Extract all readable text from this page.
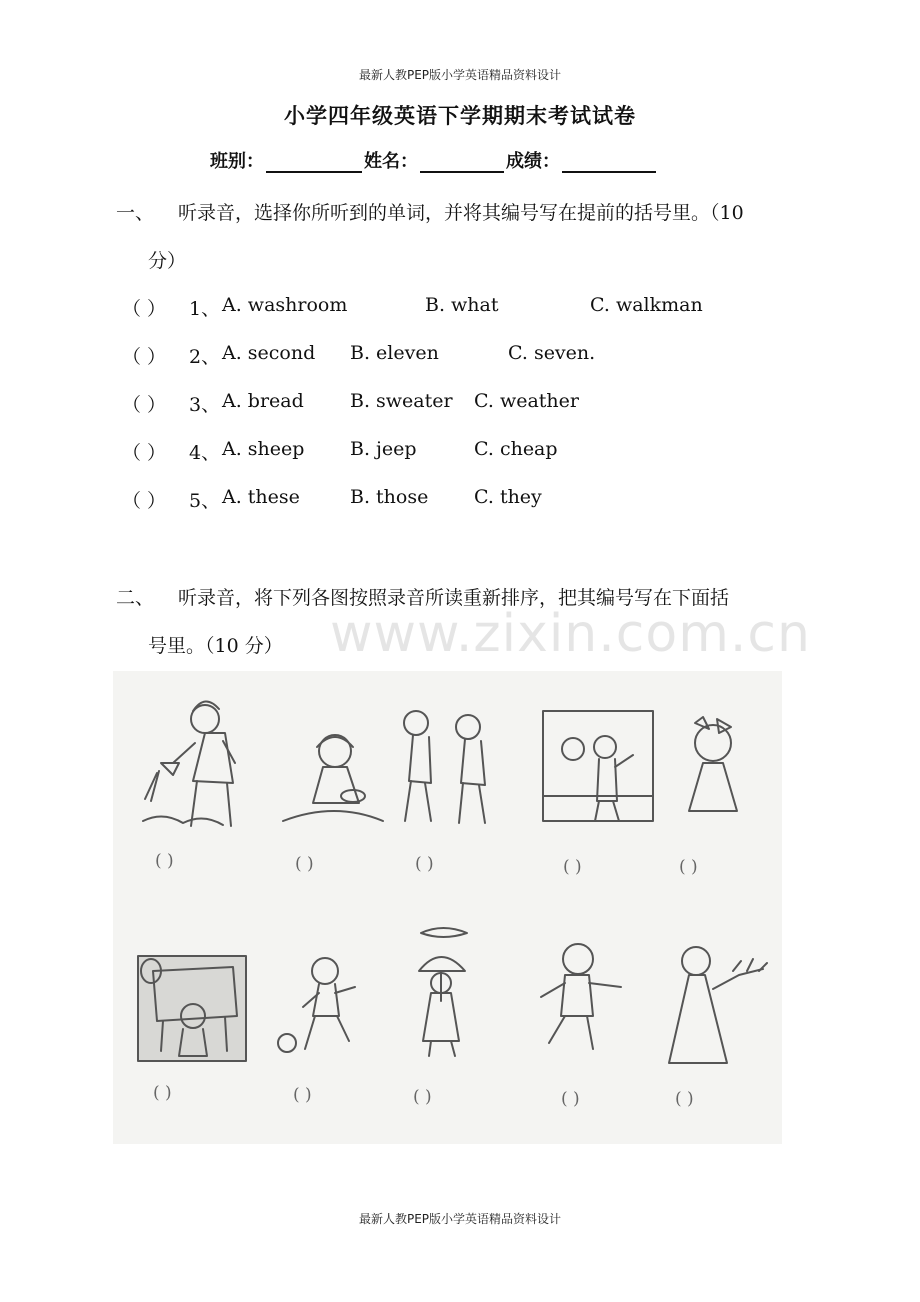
最新人教PEP版小学英语精品资料设计
小学四年级英语下学期期末考试试卷
班别：	姓名：	成绩：
一、 听录音，选择你所听到的单词，并将其编号写在提前的括号里。（10
分）
（ ） 1、 A. washroom	B. what	C. walkman
（ ） 2、 A. second B. eleven	C. seven.
（ ） 3、 A. bread B. sweater C. weather
（ ） 4、 A. sheep B. jeep	C. cheap
（ ） 5、 A. these	B. those C. they
二、 听录音，将下列各图按照录音所读重新排序，把其编号写在下面括
号里。（10 分） www.zixin.com.cn
( )	( )	( )	( )	( )
( )	( )	( )	( )	( )
最新人教PEP版小学英语精品资料设计
